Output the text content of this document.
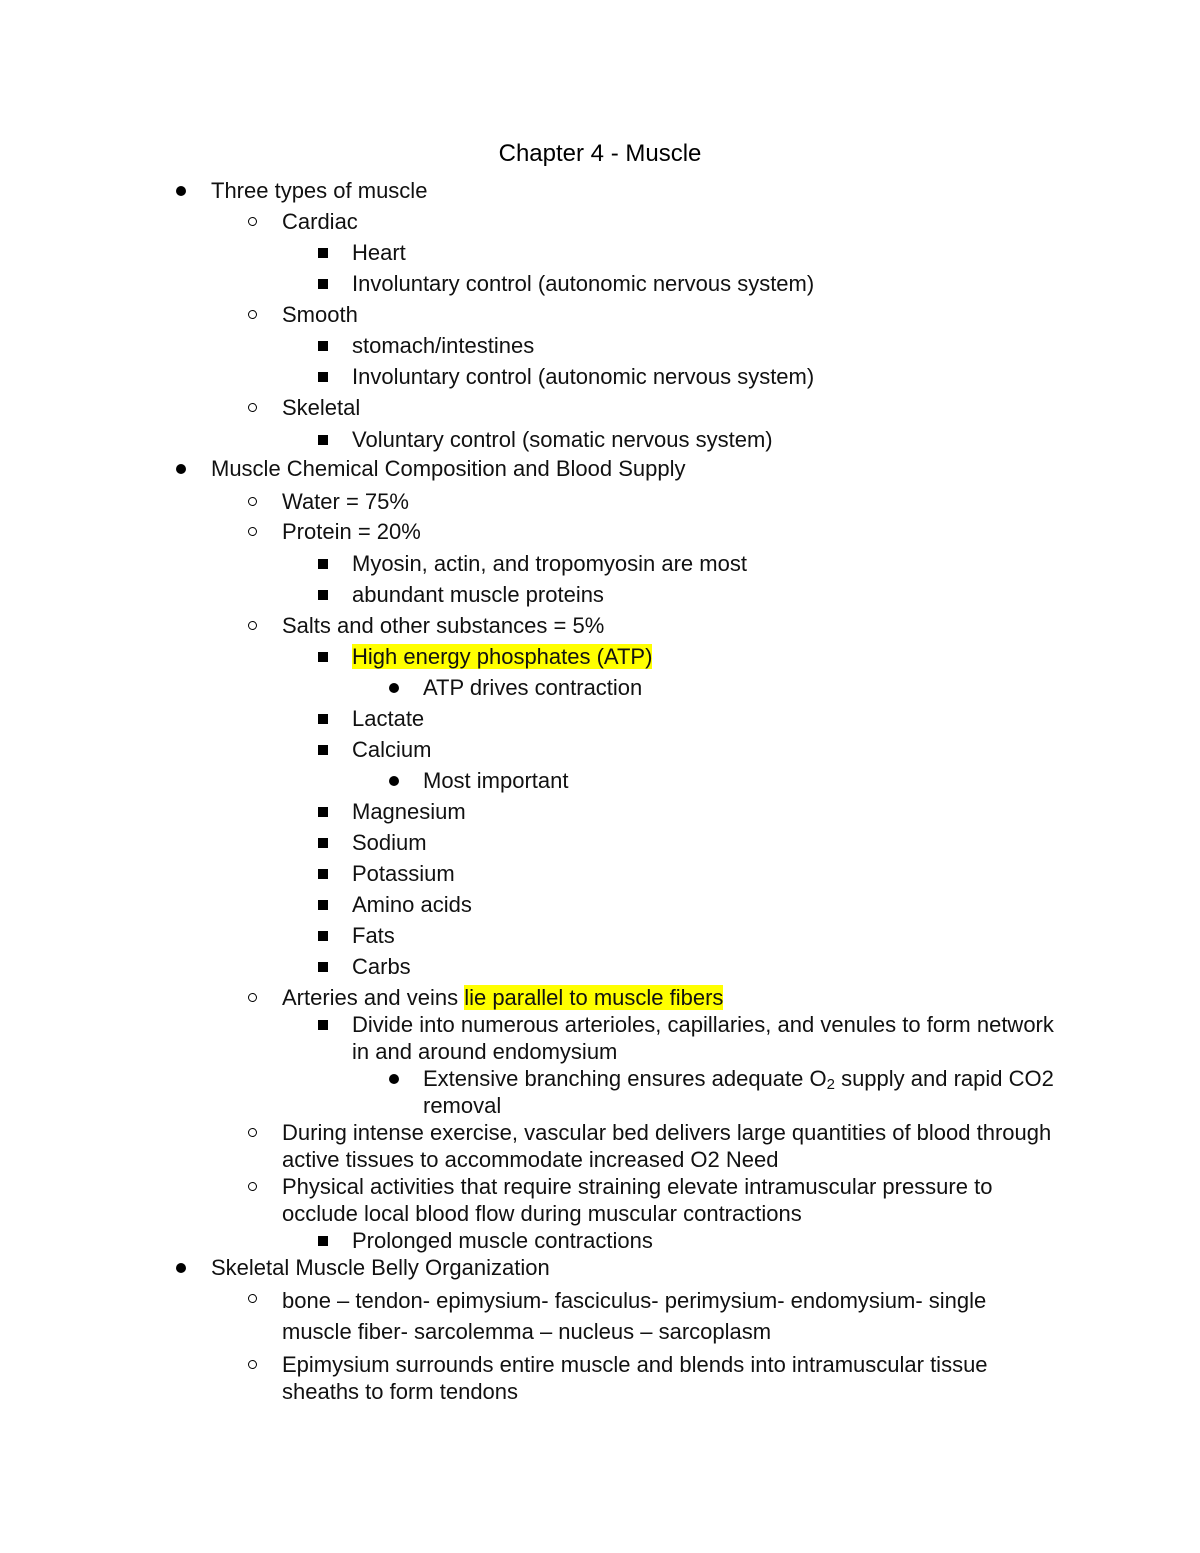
Chapter 4 - Muscle
Three types of muscle
Cardiac
Heart
Involuntary control (autonomic nervous system)
Smooth
stomach/intestines
Involuntary control (autonomic nervous system)
Skeletal
Voluntary control (somatic nervous system)
Muscle Chemical Composition and Blood Supply
Water = 75%
Protein = 20%
Myosin, actin, and tropomyosin are most
abundant muscle proteins
Salts and other substances = 5%
High energy phosphates (ATP)
ATP drives contraction
Lactate
Calcium
Most important
Magnesium
Sodium
Potassium
Amino acids
Fats
Carbs
Arteries and veins lie parallel to muscle fibers
Divide into numerous arterioles, capillaries, and venules to form network in and around endomysium
Extensive branching ensures adequate $O_2$ supply and rapid CO2 removal
During intense exercise, vascular bed delivers large quantities of blood through active tissues to accommodate increased O2 Need
Physical activities that require straining elevate intramuscular pressure to occlude local blood flow during muscular contractions
Prolonged muscle contractions
Skeletal Muscle Belly Organization
bone – tendon- epimysium- fasciculus- perimysium- endomysium- single muscle fiber- sarcolemma – nucleus – sarcoplasm
Epimysium surrounds entire muscle and blends into intramuscular tissue sheaths to form tendons
